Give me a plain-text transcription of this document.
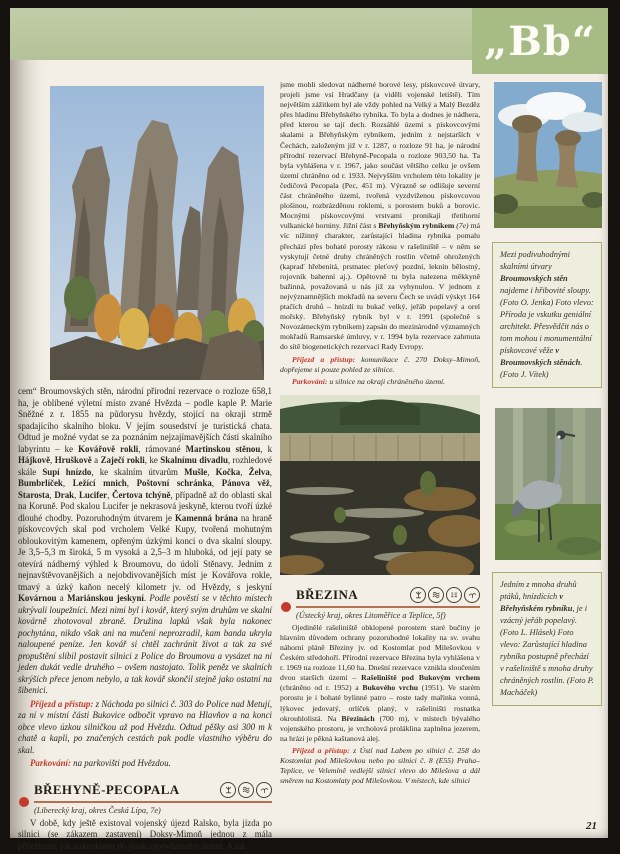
„Bb“

cem“ Broumovských stěn, národní přírodní rezervace o rozloze 658,1 ha, je oblíbené výletní místo zvané Hvězda – podle kaple P. Marie Sněžné z r. 1855 na půdorysu hvězdy, stojící na okraji strmě spadajícího skalního bloku. V jejím sousedství je turistická chata. Odtud je možné vydat se za poznáním nejzajímavějších částí skalního labyrintu – ke Kovářově rokli, rámované Martinskou stěnou, k Hájkově, Hruškově a Zaječí rokli, ke Skalnímu divadlu, rozhledové skále Supí hnízdo, ke skalním útvarům Mušle, Kočka, Želva, Bumbrlíček, Ležící mnich, Poštovní schránka, Pánova věž, Starosta, Drak, Lucifer, Čertova tchýně, případně až do oblasti skal na Koruně. Pod skalou Lucifer je nekrasová jeskyně, kterou tvoří úzké dlouhé chodby. Pozoruhodným útvarem je Kamenná brána na hraně pískovcových skal pod vrcholem Velké Kupy, tvořená mohutným obloukovitým kamenem, opřeným úzkými konci o dva skalní sloupy. Je 3,5–5,3 m široká, 5 m vysoká a 2,5–3 m hluboká, od její paty se otevírá nádherný výhled k Broumovu, do údolí Stěnavy. Jedním z nejnavštěvovanějších a nejobdivovanějších míst je Kovářova rokle, tmavý a úzký kaňon necelý kilometr jv. od Hvězdy, s jeskyní Kovárnou a Mariánskou jeskyní. Podle pověstí se v těchto místech ukrývali loupežníci. Mezi nimi byl i kovář, který svým druhům ve skalní kovárně zhotovoval zbraně. Družina lapků však byla nakonec pochytána, nikdo však ani na mučení neprozradil, kam banda ukryla naloupené peníze. Jen kovář si chtěl zachránit život a tak za své propuštění slíbil postavit silnici z Police do Broumova a vysázet na ni jeden dukát vedle druhého – ovšem nastojato. Tolik peněz ve skalních skrýších přece jenom nebylo, a tak kovář skončil stejně jako ostatní na šibenici.

Příjezd a přístup: z Náchoda po silnici č. 303 do Police nad Metují, za ní v místní části Bukovice odbočit vpravo na Hlavňov a na konci obce vlevo úzkou silničkou až pod Hvězdu. Odtud pěšky asi 300 m k chatě a kapli, po značených cestách pak podle vlastního výběru do skal.

Parkování: na parkovišti pod Hvězdou.

BŘEHYNĚ-PECOPALA

(Liberecký kraj, okres Česká Lípa, 7e)

V době, kdy ještě existoval vojenský újezd Ralsko, byla jízda po silnici (se zákazem zastavení) Doksy-Mimoň jednou z mála příležitostí, jak nakouknout do jinak zapovězeného území. A tak

jsme mohli sledovat nádherné borové lesy, pískovcové útvary, projeli jsme vsí Hradčany (a viděli vojenské letiště). Tím největším zážitkem byl ale vždy pohled na Velký a Malý Bezděz přes hladinu Břehyňského rybníka. To byla a dodnes je nádhera, před kterou se tají dech. Rozsáhlé území s pískovcovými skalami a Břehyňským rybníkem, jedním z nejstarších v Čechách, založeným již v r. 1287, o rozloze 91 ha, je národní přírodní rezervací Břehyně-Pecopala o rozloze 903,50 ha. Ta byla vyhlášena v r. 1967, jako součást většího celku je ovšem území chráněno od r. 1933. Nejvyšším vrcholem této lokality je čedičová Pecopala (Pec, 451 m). Výrazně se odlišuje severní část chráněného území, tvořená vyzdviženou pískovcovou plošinou, rozbrázděnou roklemi, s porostem buků a borovic. Mocnými pískovcovými vrstvami pronikají třetihorní vulkanické horniny. Jižní část s Břehyňským rybníkem (7e) má víc nížinný charakter, zarůstající hladina rybníka pomalu přechází přes bohaté porosty rákosu v rašeliniště – v něm se vyskytují četné druhy chráněných rostlin včetně ohrožených (kapraď hřebenitá, prstnatec pleťový pozdní, leknín bělostný, rojovník bahenní aj.). Opětovně tu byla nalezena měkkyně bažinná, považovaná u nás již za vyhynulou. V jednom z nejvýznamnějších mokřadů na severu Čech se uvádí výskyt 164 ptačích druhů – hnízdí tu bukač velký, jeřáb popelavý a orel mořský. Břehyňský rybník byl v r. 1991 (společně s Novozámeckým rybníkem) zapsán do mezinárodně významných mokřadů Ramsarské úmluvy, v r. 1994 byla rezervace zahrnuta do sítě biogenetických rezervací Rady Evropy.

Příjezd a přístup: komunikace č. 270 Doksy–Mimoň, dopřejeme si pouze pohled ze silnice.

Parkování: u silnice na okraji chráněného území.

BŘEZINA

(Ústecký kraj, okres Litoměřice a Teplice, 5f)

Ojedinělé rašeliniště obklopené porostem staré bučiny je hlavním důvodem ochrany pozoruhodné lokality na sv. svahu náhorní pláně Březiny jv. od Kostomlat pod Milešovkou v Českém středohoří. Přírodní rezervace Březina byla vyhlášena v r. 1969 na rozloze 11,60 ha. Dnešní rezervace vznikla sloučením dvou starších území – Rašeliniště pod Bukovým vrchem (chráněno od r. 1952) a Bukového vrchu (1951). Ve starém porostu je i bohaté bylinné patro – roste tady mařinka vonná, lýkovec jedovatý, orlíček planý, v rašeliništi rosnatka okrouhlolistá. Na Březinách (700 m), v místech bývalého vojenského prostoru, je vrcholová proláklina zaplněna jezerem, na hrázi je pěkná kaštanová alej.

Příjezd a přístup: z Ústí nad Labem po silnici č. 258 do Kostomlat pod Milešovkou nebo po silnici č. 8 (E55) Praha–Teplice, ve Velemíně vedlejší silnicí vlevo do Milešova a dál směrem na Kostomlaty pod Milešovkou. V místech, kde silnici

Mezi podivuhodnými skalními útvary Broumovských stěn najdeme i hřibovité sloupy. (Foto O. Jenka) Foto vlevo: Příroda je vskutku geniální architekt. Přesvědčit nás o tom mohou i monumentální pískovcové věže v Broumovských stěnách. (Foto J. Vítek)
Jedním z mnoha druhů ptáků, hnízdících v Břehyňském rybníku, je i vzácný jeřáb popelavý. (Foto L. Hlásek) Foto vlevo: Zarůstající hladina rybníka postupně přechází v rašeliniště s mnoha druhy chráněných rostlin. (Foto P. Macháček)
21
